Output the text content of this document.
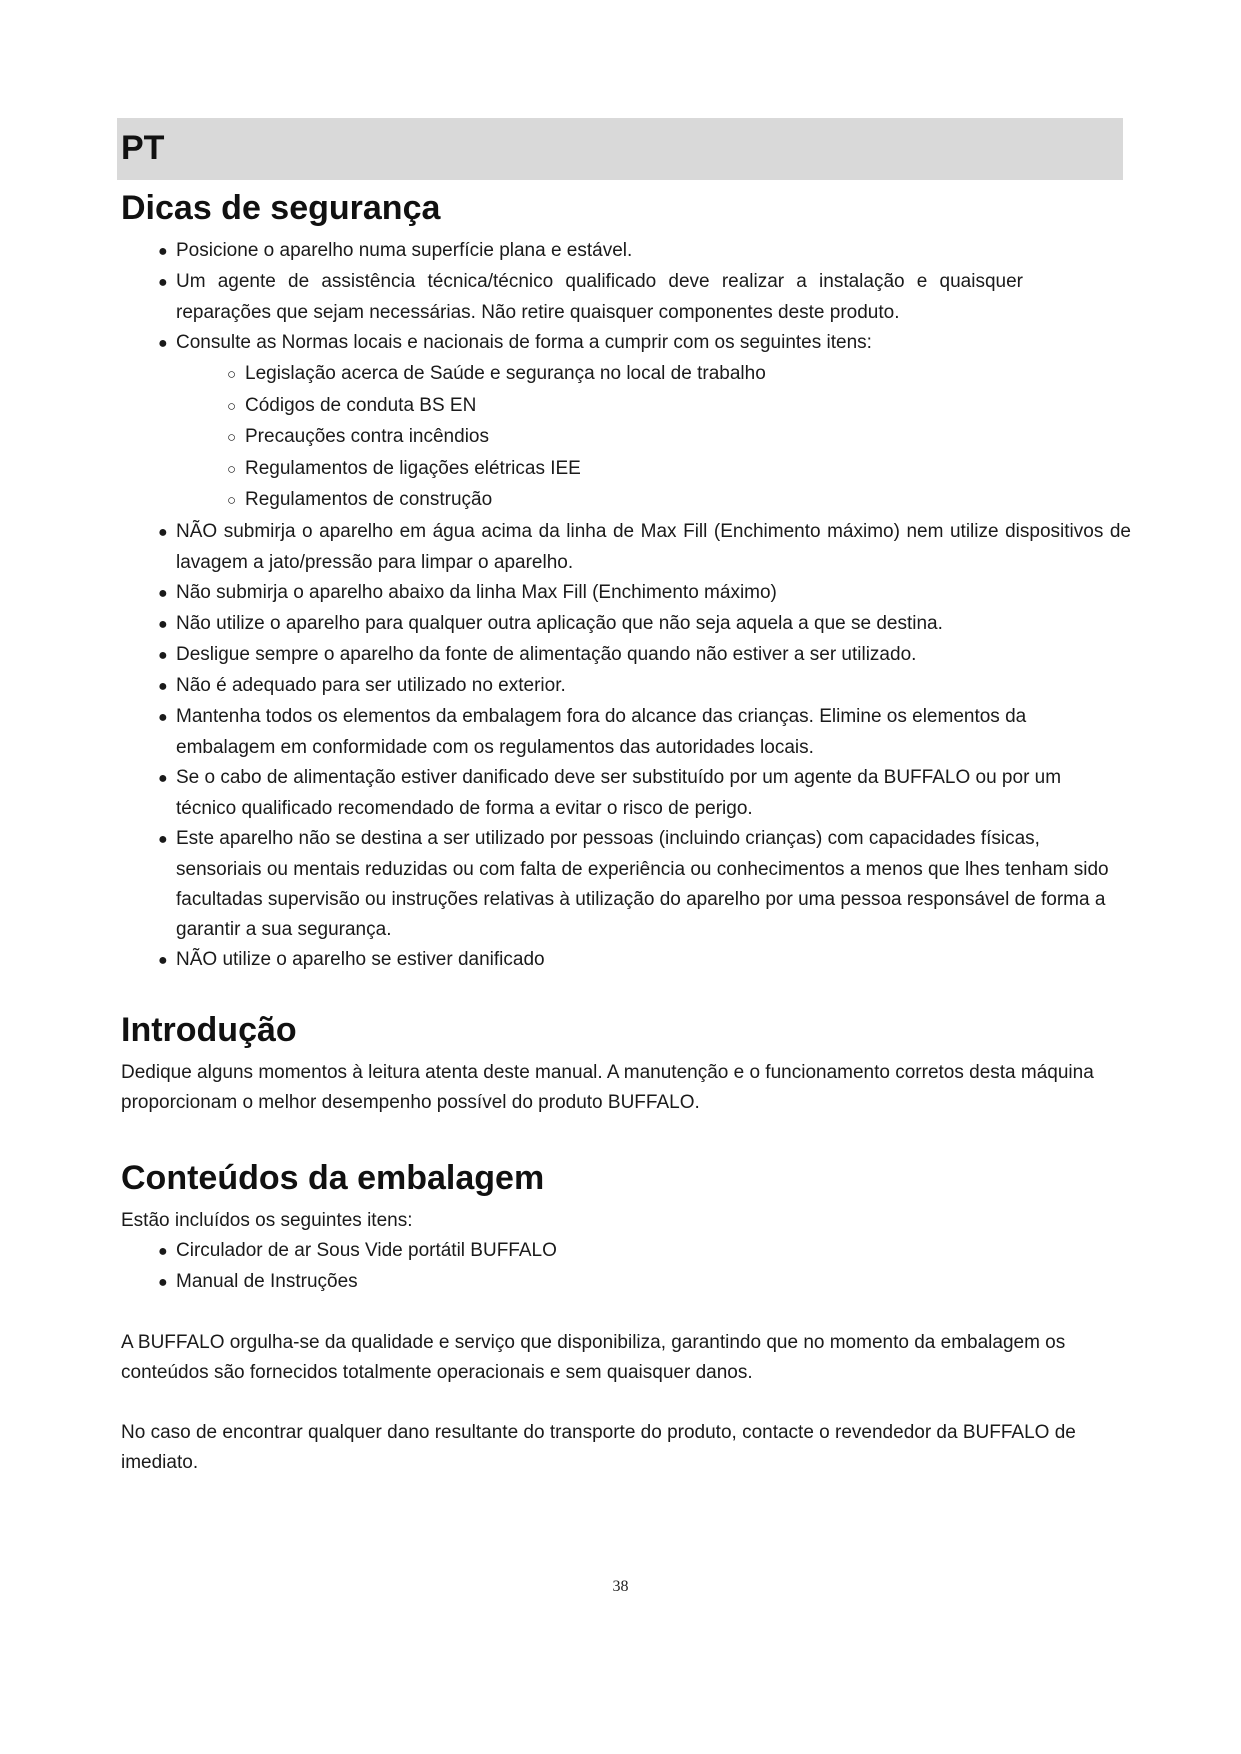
PT
Dicas de segurança
● Posicione o aparelho numa superfície plana e estável.
● Um agente de assistência técnica/técnico qualificado deve realizar a instalação e quaisquer reparações que sejam necessárias. Não retire quaisquer componentes deste produto.
● Consulte as Normas locais e nacionais de forma a cumprir com os seguintes itens:
○ Legislação acerca de Saúde e segurança no local de trabalho
○ Códigos de conduta BS EN
○ Precauções contra incêndios
○ Regulamentos de ligações elétricas IEE
○ Regulamentos de construção
● NÃO submirja o aparelho em água acima da linha de Max Fill (Enchimento máximo) nem utilize dispositivos de lavagem a jato/pressão para limpar o aparelho.
● Não submirja o aparelho abaixo da linha Max Fill (Enchimento máximo)
● Não utilize o aparelho para qualquer outra aplicação que não seja aquela a que se destina.
● Desligue sempre o aparelho da fonte de alimentação quando não estiver a ser utilizado.
● Não é adequado para ser utilizado no exterior.
● Mantenha todos os elementos da embalagem fora do alcance das crianças. Elimine os elementos da embalagem em conformidade com os regulamentos das autoridades locais.
● Se o cabo de alimentação estiver danificado deve ser substituído por um agente da BUFFALO ou por um técnico qualificado recomendado de forma a evitar o risco de perigo.
● Este aparelho não se destina a ser utilizado por pessoas (incluindo crianças) com capacidades físicas, sensoriais ou mentais reduzidas ou com falta de experiência ou conhecimentos a menos que lhes tenham sido facultadas supervisão ou instruções relativas à utilização do aparelho por uma pessoa responsável de forma a garantir a sua segurança.
● NÃO utilize o aparelho se estiver danificado
Introdução

Dedique alguns momentos à leitura atenta deste manual. A manutenção e o funcionamento corretos desta máquina proporcionam o melhor desempenho possível do produto BUFFALO.

Conteúdos da embalagem

Estão incluídos os seguintes itens:

● Circulador de ar Sous Vide portátil BUFFALO
● Manual de Instruções

A BUFFALO orgulha-se da qualidade e serviço que disponibiliza, garantindo que no momento da embalagem os conteúdos são fornecidos totalmente operacionais e sem quaisquer danos.

No caso de encontrar qualquer dano resultante do transporte do produto, contacte o revendedor da BUFFALO de imediato.

38
